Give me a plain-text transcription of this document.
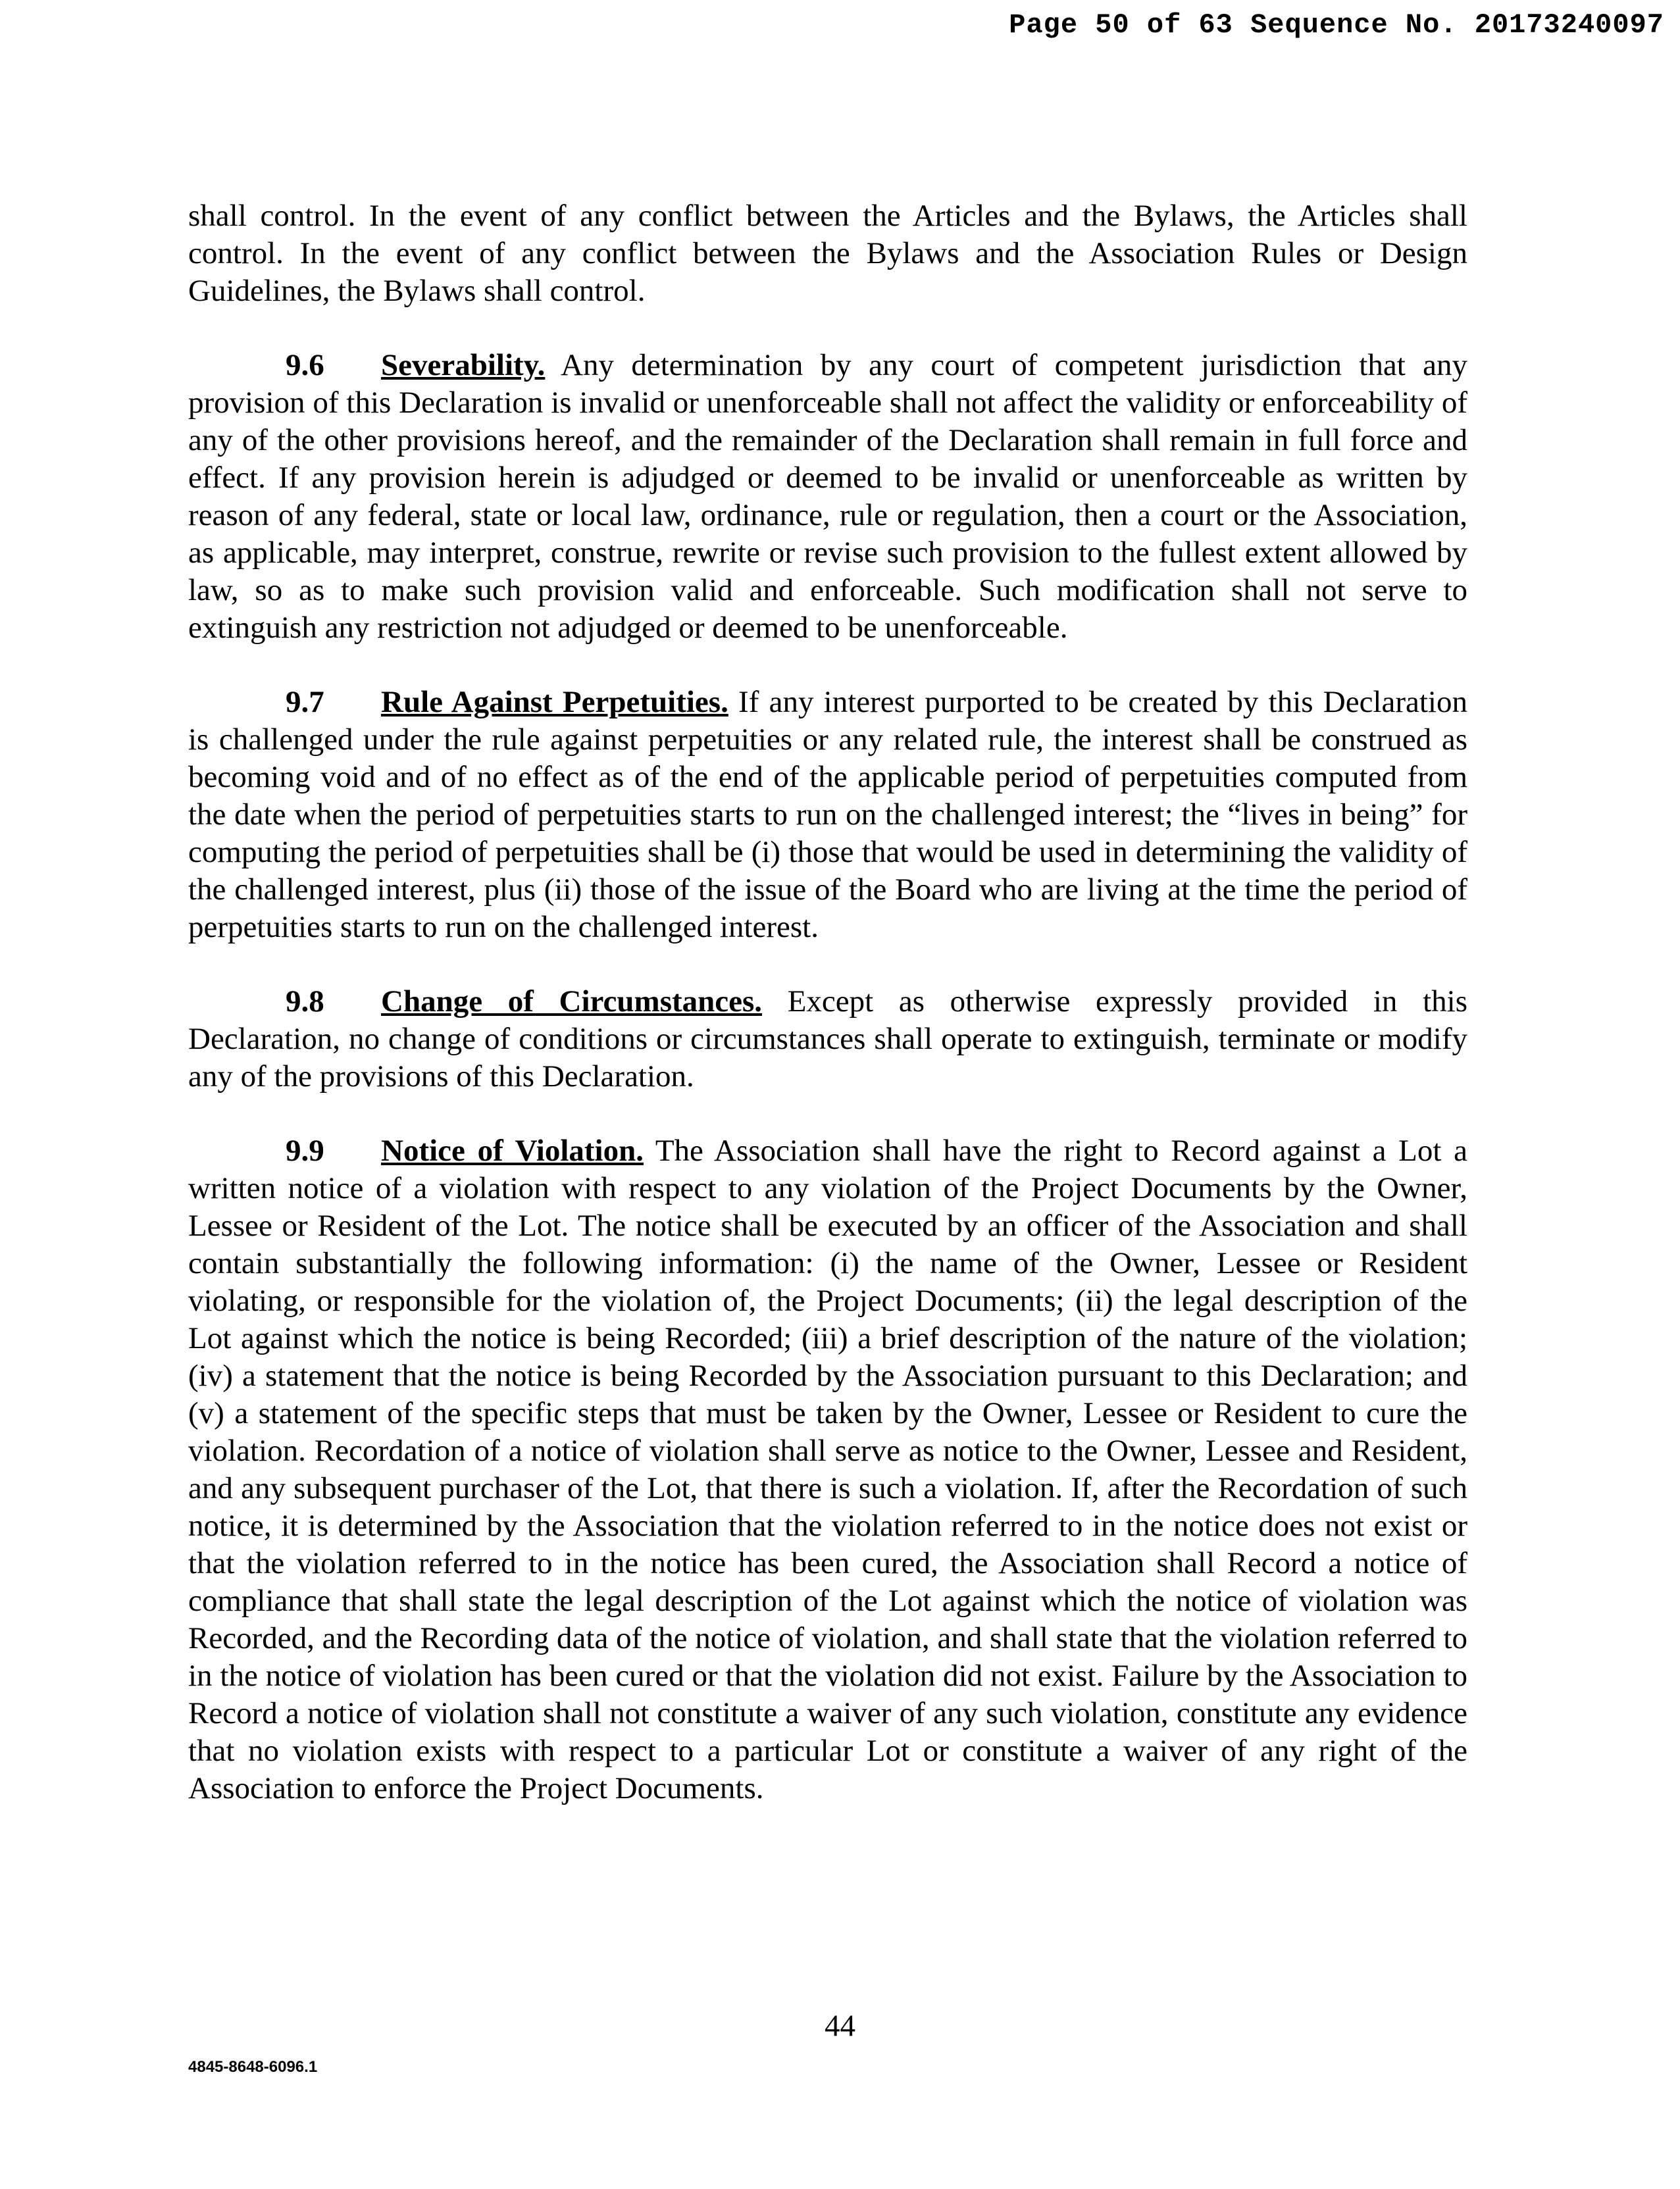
Page 50 of 63 Sequence No. 20173240097

shall control. In the event of any conflict between the Articles and the Bylaws, the Articles shall control. In the event of any conflict between the Bylaws and the Association Rules or Design Guidelines, the Bylaws shall control.

9.6 Severability. Any determination by any court of competent jurisdiction that any provision of this Declaration is invalid or unenforceable shall not affect the validity or enforceability of any of the other provisions hereof, and the remainder of the Declaration shall remain in full force and effect. If any provision herein is adjudged or deemed to be invalid or unenforceable as written by reason of any federal, state or local law, ordinance, rule or regulation, then a court or the Association, as applicable, may interpret, construe, rewrite or revise such provision to the fullest extent allowed by law, so as to make such provision valid and enforceable. Such modification shall not serve to extinguish any restriction not adjudged or deemed to be unenforceable.

9.7 Rule Against Perpetuities. If any interest purported to be created by this Declaration is challenged under the rule against perpetuities or any related rule, the interest shall be construed as becoming void and of no effect as of the end of the applicable period of perpetuities computed from the date when the period of perpetuities starts to run on the challenged interest; the “lives in being” for computing the period of perpetuities shall be (i) those that would be used in determining the validity of the challenged interest, plus (ii) those of the issue of the Board who are living at the time the period of perpetuities starts to run on the challenged interest.

9.8 Change of Circumstances. Except as otherwise expressly provided in this Declaration, no change of conditions or circumstances shall operate to extinguish, terminate or modify any of the provisions of this Declaration.

9.9 Notice of Violation. The Association shall have the right to Record against a Lot a written notice of a violation with respect to any violation of the Project Documents by the Owner, Lessee or Resident of the Lot. The notice shall be executed by an officer of the Association and shall contain substantially the following information: (i) the name of the Owner, Lessee or Resident violating, or responsible for the violation of, the Project Documents; (ii) the legal description of the Lot against which the notice is being Recorded; (iii) a brief description of the nature of the violation; (iv) a statement that the notice is being Recorded by the Association pursuant to this Declaration; and (v) a statement of the specific steps that must be taken by the Owner, Lessee or Resident to cure the violation. Recordation of a notice of violation shall serve as notice to the Owner, Lessee and Resident, and any subsequent purchaser of the Lot, that there is such a violation. If, after the Recordation of such notice, it is determined by the Association that the violation referred to in the notice does not exist or that the violation referred to in the notice has been cured, the Association shall Record a notice of compliance that shall state the legal description of the Lot against which the notice of violation was Recorded, and the Recording data of the notice of violation, and shall state that the violation referred to in the notice of violation has been cured or that the violation did not exist. Failure by the Association to Record a notice of violation shall not constitute a waiver of any such violation, constitute any evidence that no violation exists with respect to a particular Lot or constitute a waiver of any right of the Association to enforce the Project Documents.

44
4845-8648-6096.1
